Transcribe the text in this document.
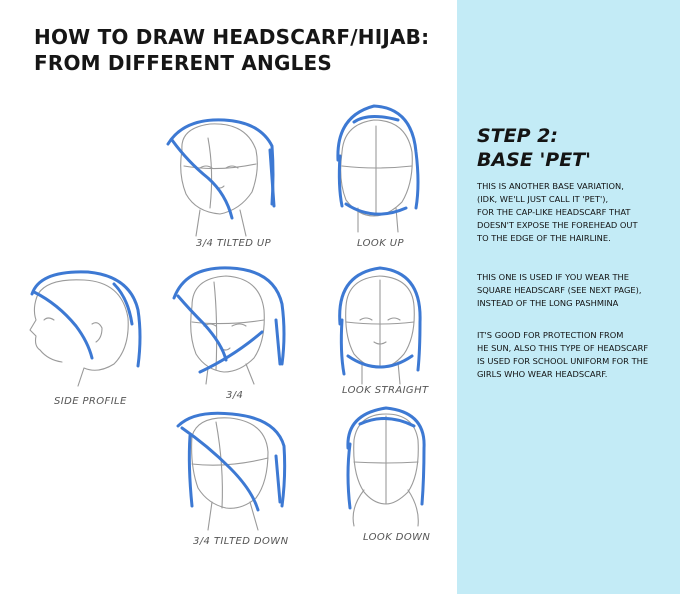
HOW TO DRAW HEADSCARF/HIJAB:
FROM DIFFERENT ANGLES
3/4 TILTED UP	LOOK UP
SIDE PROFILE
3/4	LOOK STRAIGHT
3/4 TILTED DOWN	LOOK DOWN
STEP 2:
BASE 'PET'
THIS IS ANOTHER BASE VARIATION,
(IDK, WE'LL JUST CALL IT 'PET'),
FOR THE CAP-LIKE HEADSCARF THAT
DOESN'T EXPOSE THE FOREHEAD OUT
TO THE EDGE OF THE HAIRLINE.
THIS ONE IS USED IF YOU WEAR THE
SQUARE HEADSCARF (SEE NEXT PAGE),
INSTEAD OF THE LONG PASHMINA
IT'S GOOD FOR PROTECTION FROM
HE SUN, ALSO THIS TYPE OF HEADSCARF
IS USED FOR SCHOOL UNIFORM FOR THE
GIRLS WHO WEAR HEADSCARF.
